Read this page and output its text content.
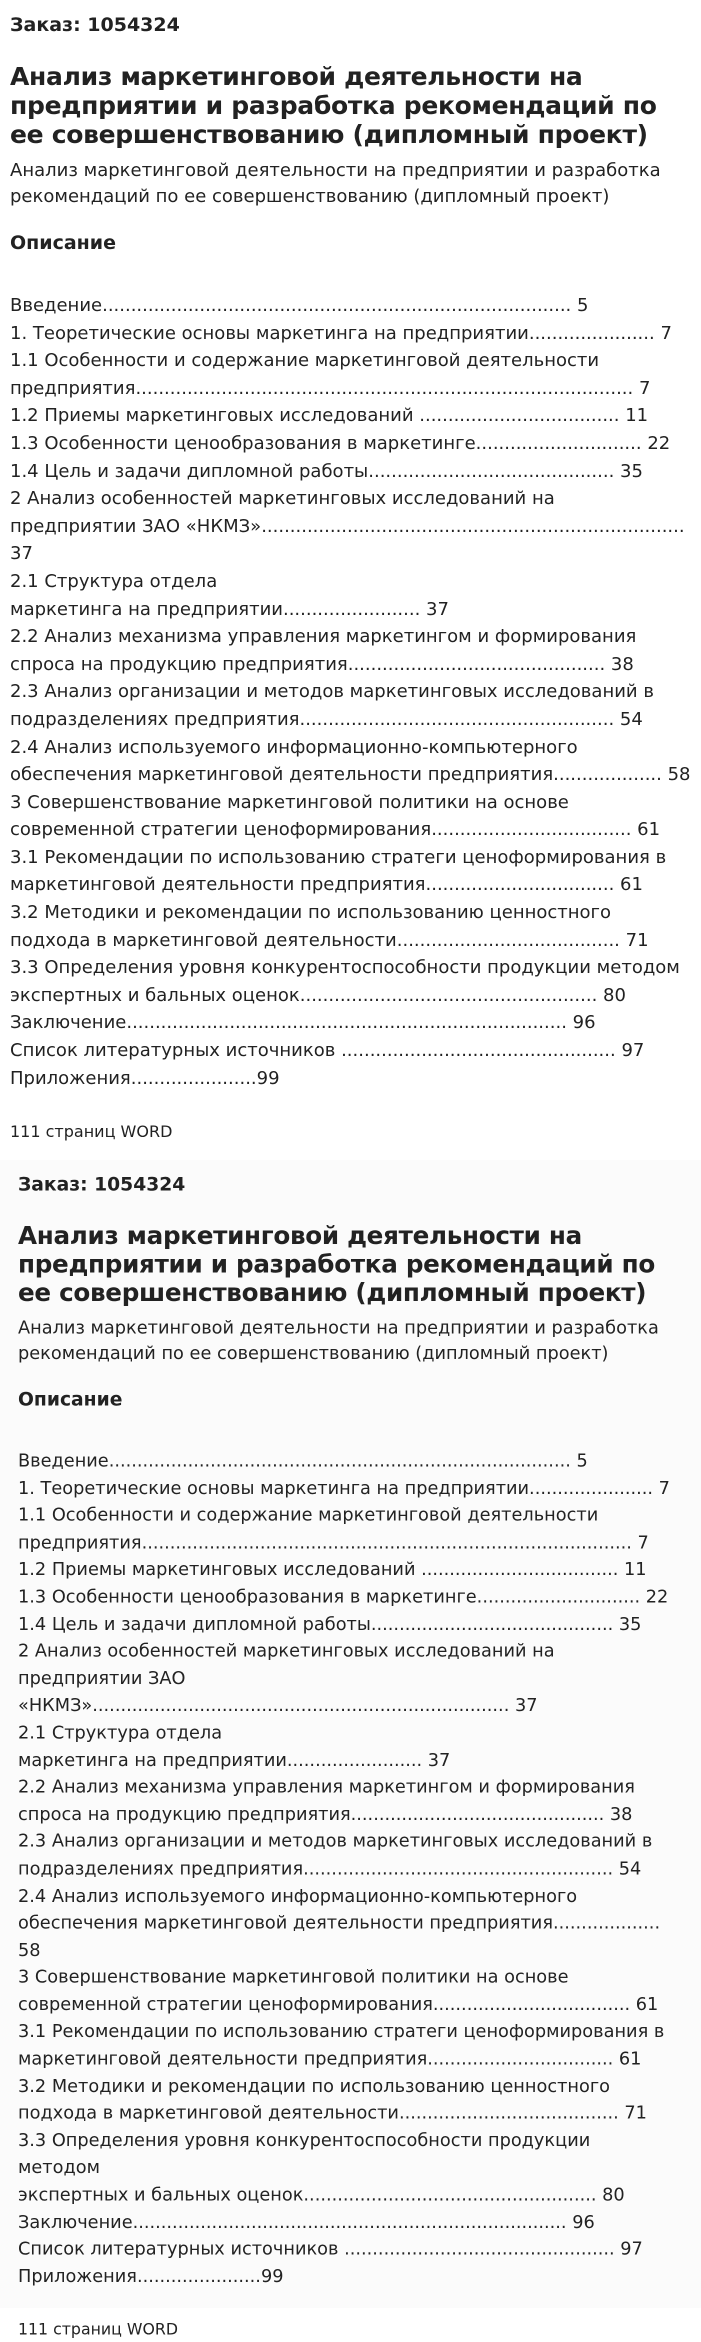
Заказ: 1054324
Анализ маркетинговой деятельности на предприятии и разработка рекомендаций по ее совершенствованию (дипломный проект)
Анализ маркетинговой деятельности на предприятии и разработка рекомендаций по ее совершенствованию (дипломный проект)
Описание
Введение.................................................................................. 5
1. Теоретические основы маркетинга на предприятии...................... 7
1.1 Особенности и содержание маркетинговой деятельности
предприятия....................................................................................... 7
1.2 Приемы маркетинговых исследований ................................... 11
1.3 Особенности ценообразования в маркетинге............................. 22
1.4 Цель и задачи дипломной работы........................................... 35
2 Анализ особенностей маркетинговых исследований на
предприятии ЗАО «НКМЗ».......................................................................... 37
2.1 Структура отдела
маркетинга на предприятии........................ 37
2.2 Анализ механизма управления маркетингом и формирования
спроса на продукцию предприятия............................................. 38
2.3 Анализ организации и методов маркетинговых исследований в
подразделениях предприятия....................................................... 54
2.4 Анализ используемого информационно-компьютерного
обеспечения маркетинговой деятельности предприятия................... 58
3 Совершенствование маркетинговой политики на основе
современной стратегии ценоформирования................................... 61
3.1 Рекомендации по использованию стратеги ценоформирования в
маркетинговой деятельности предприятия................................. 61
3.2 Методики и рекомендации по использованию ценностного
подхода в маркетинговой деятельности....................................... 71
3.3 Определения уровня конкурентоспособности продукции методом
экспертных и бальных оценок.................................................... 80
Заключение............................................................................. 96
Список литературных источников ................................................ 97
Приложения......................99
111 страниц WORD
Заказ: 1054324
Анализ маркетинговой деятельности на предприятии и разработка рекомендаций по ее совершенствованию (дипломный проект)
Анализ маркетинговой деятельности на предприятии и разработка рекомендаций по ее совершенствованию (дипломный проект)
Описание
Введение.................................................................................. 5
1. Теоретические основы маркетинга на предприятии...................... 7
1.1 Особенности и содержание маркетинговой деятельности
предприятия....................................................................................... 7
1.2 Приемы маркетинговых исследований ................................... 11
1.3 Особенности ценообразования в маркетинге............................. 22
1.4 Цель и задачи дипломной работы........................................... 35
2 Анализ особенностей маркетинговых исследований на
предприятии ЗАО «НКМЗ».......................................................................... 37
2.1 Структура отдела
маркетинга на предприятии........................ 37
2.2 Анализ механизма управления маркетингом и формирования
спроса на продукцию предприятия............................................. 38
2.3 Анализ организации и методов маркетинговых исследований в
подразделениях предприятия....................................................... 54
2.4 Анализ используемого информационно-компьютерного
обеспечения маркетинговой деятельности предприятия................... 58
3 Совершенствование маркетинговой политики на основе
современной стратегии ценоформирования................................... 61
3.1 Рекомендации по использованию стратеги ценоформирования в
маркетинговой деятельности предприятия................................. 61
3.2 Методики и рекомендации по использованию ценностного
подхода в маркетинговой деятельности....................................... 71
3.3 Определения уровня конкурентоспособности продукции методом
экспертных и бальных оценок.................................................... 80
Заключение............................................................................. 96
Список литературных источников ................................................ 97
Приложения......................99
111 страниц WORD
